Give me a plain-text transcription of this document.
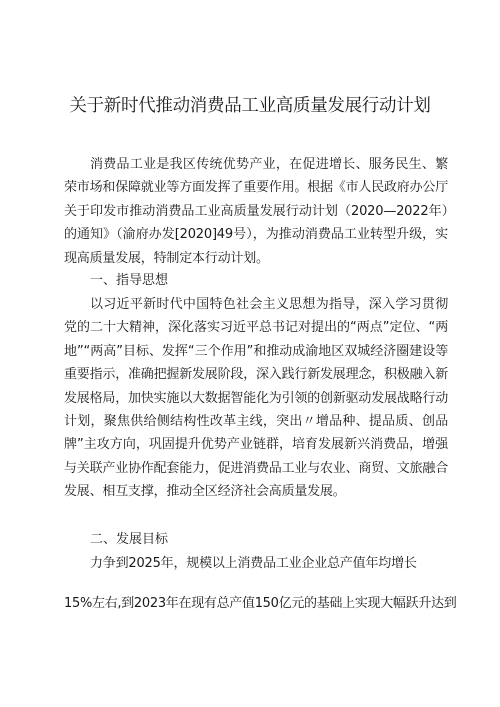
关于新时代推动消费品工业高质量发展行动计划
消费品工业是我区传统优势产业，在促进增长、服务民生、繁荣市场和保障就业等方面发挥了重要作用。根据《市人民政府办公厅关于印发市推动消费品工业高质量发展行动计划（2020—2022年）的通知》（渝府办发[2020]49号），为推动消费品工业转型升级，实现高质量发展，特制定本行动计划。
一、指导思想
以习近平新时代中国特色社会主义思想为指导，深入学习贯彻党的二十大精神，深化落实习近平总书记对提出的“两点”定位、“两地”“两高”目标、发挥“三个作用”和推动成渝地区双城经济圈建设等重要指示，准确把握新发展阶段，深入践行新发展理念，积极融入新发展格局，加快实施以大数据智能化为引领的创新驱动发展战略行动计划，聚焦供给侧结构性改革主线，突出〃增品种、提品质、创品牌”主攻方向，巩固提升优势产业链群，培育发展新兴消费品，增强与关联产业协作配套能力，促进消费品工业与农业、商贸、文旅融合发展、相互支撑，推动全区经济社会高质量发展。
二、发展目标
力争到2025年，规模以上消费品工业企业总产值年均增长
15%左右,到2023年在现有总产值150亿元的基础上实现大幅跃升达到
